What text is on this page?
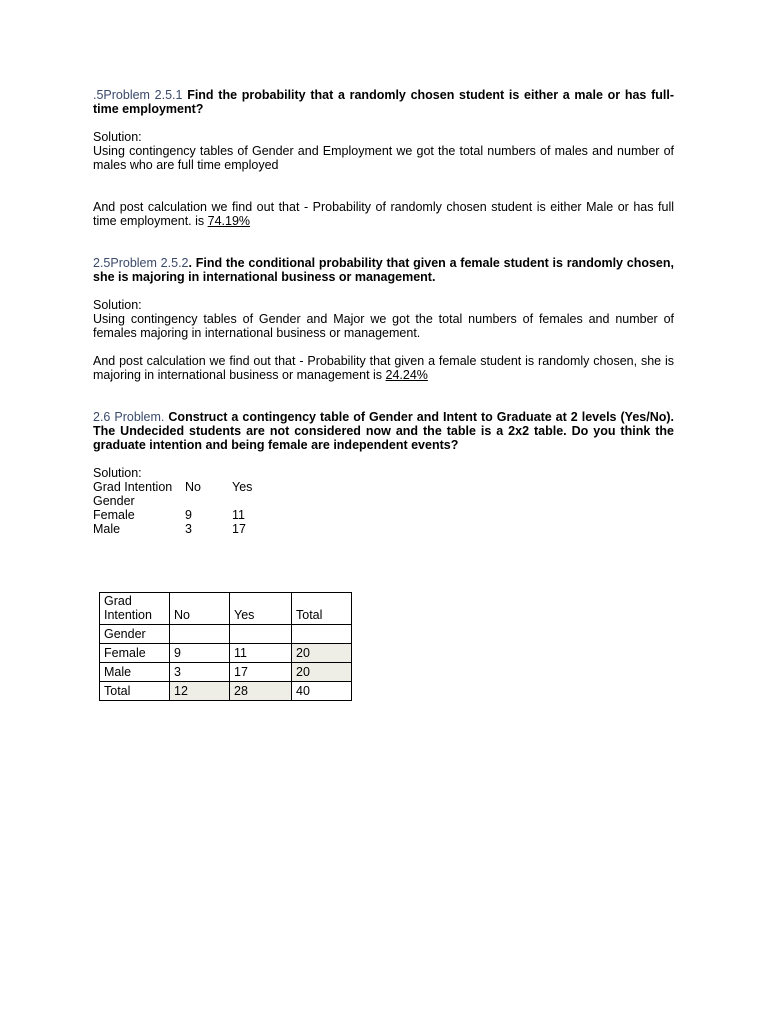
.5Problem 2.5.1 Find the probability that a randomly chosen student is either a male or has full-time employment?

Solution:

Using contingency tables of Gender and Employment we got the total numbers of males and number of males who are full time employed

And post calculation we find out that - Probability of randomly chosen student is either Male or has full time employment. is 74.19%

2.5Problem 2.5.2. Find the conditional probability that given a female student is randomly chosen, she is majoring in international business or management.

Solution:

Using contingency tables of Gender and Major we got the total numbers of females and number of females majoring in international business or management.

And post calculation we find out that - Probability that given a female student is randomly chosen, she is majoring in international business or management is 24.24%

2.6 Problem. Construct a contingency table of Gender and Intent to Graduate at 2 levels (Yes/No). The Undecided students are not considered now and the table is a 2x2 table. Do you think the graduate intention and being female are independent events?

Solution:

Grad Intention	No	Yes
Gender		
Female	9	11
Male	3	17
Grad
Intention	No	Yes	Total
Gender			
Female	9	11	20
Male	3	17	20
Total	12	28	40
